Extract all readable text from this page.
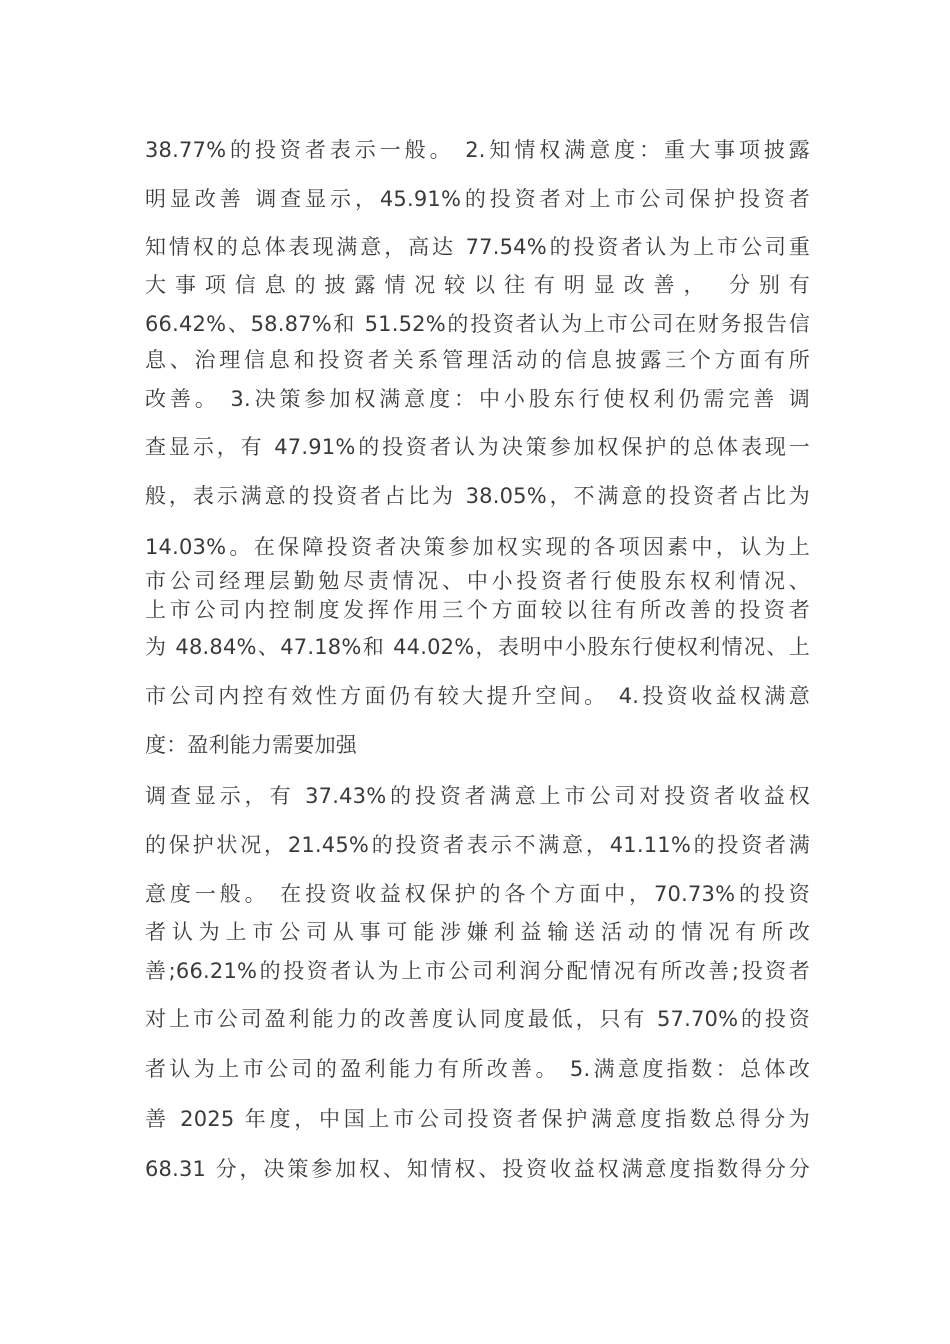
38.77%的投资者表示一般。 2.知情权满意度：重大事项披露
明显改善 调查显示，45.91%的投资者对上市公司保护投资者
知情权的总体表现满意，高达 77.54%的投资者认为上市公司重
大事项信息的披露情况较以往有明显改善， 分别有
66.42%、58.87%和 51.52%的投资者认为上市公司在财务报告信
息、治理信息和投资者关系管理活动的信息披露三个方面有所
改善。 3.决策参加权满意度：中小股东行使权利仍需完善 调
查显示，有 47.91%的投资者认为决策参加权保护的总体表现一
般，表示满意的投资者占比为 38.05%，不满意的投资者占比为
14.03%。在保障投资者决策参加权实现的各项因素中，认为上
市公司经理层勤勉尽责情况、中小投资者行使股东权利情况、
上市公司内控制度发挥作用三个方面较以往有所改善的投资者
为 48.84%、47.18%和 44.02%，表明中小股东行使权利情况、上
市公司内控有效性方面仍有较大提升空间。 4.投资收益权满意
度：盈利能力需要加强
调查显示，有 37.43%的投资者满意上市公司对投资者收益权
的保护状况，21.45%的投资者表示不满意，41.11%的投资者满
意度一般。 在投资收益权保护的各个方面中，70.73%的投资
者认为上市公司从事可能涉嫌利益输送活动的情况有所改
善;66.21%的投资者认为上市公司利润分配情况有所改善;投资者
对上市公司盈利能力的改善度认同度最低，只有 57.70%的投资
者认为上市公司的盈利能力有所改善。 5.满意度指数：总体改
善 2025 年度，中国上市公司投资者保护满意度指数总得分为
68.31 分，决策参加权、知情权、投资收益权满意度指数得分分
